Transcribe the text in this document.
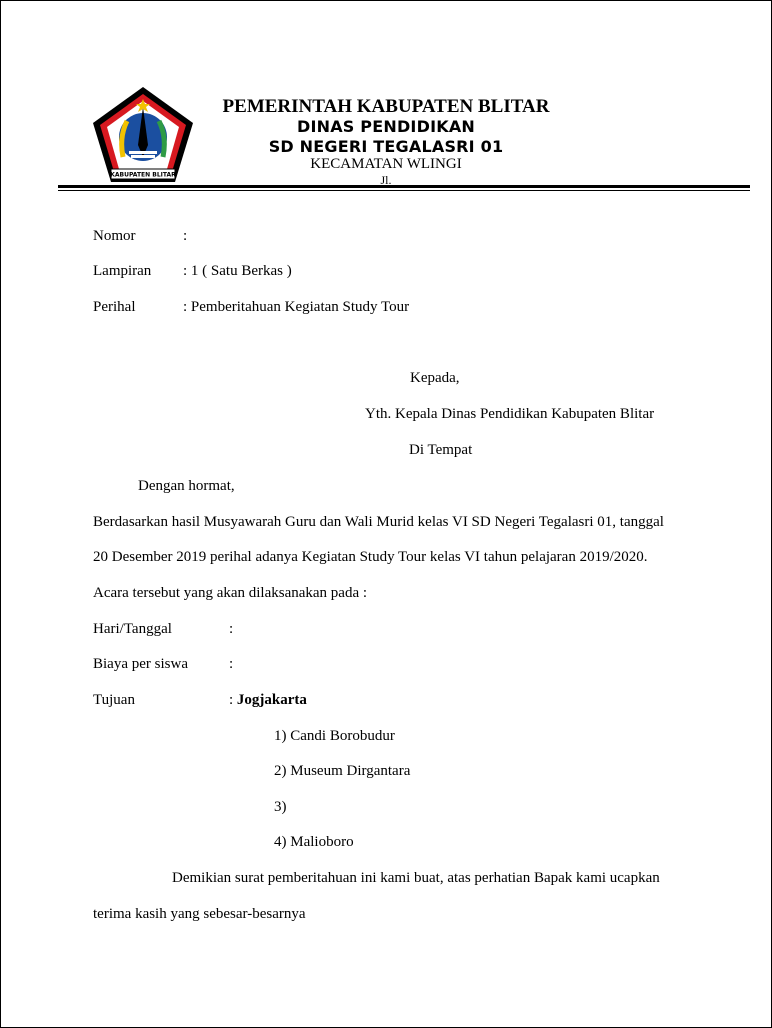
KABUPATEN BLITAR
PEMERINTAH KABUPATEN BLITAR
DINAS PENDIDIKAN
SD NEGERI TEGALASRI 01
KECAMATAN WLINGI
Jl.
Nomor	:
Lampiran : 1 ( Satu Berkas )
Perihal	: Pemberitahuan Kegiatan Study Tour
Kepada,
Yth. Kepala Dinas Pendidikan Kabupaten Blitar
Di Tempat
Dengan hormat,
Berdasarkan hasil Musyawarah Guru dan Wali Murid kelas VI SD Negeri Tegalasri 01, tanggal
20 Desember 2019 perihal adanya Kegiatan Study Tour kelas VI tahun pelajaran 2019/2020.
Acara tersebut yang akan dilaksanakan pada :
Hari/Tanggal	:
Biaya per siswa	:
Tujuan	: Jogjakarta
1) Candi Borobudur
2) Museum Dirgantara
3)
4) Malioboro
Demikian surat pemberitahuan ini kami buat, atas perhatian Bapak kami ucapkan
terima kasih yang sebesar-besarnya
